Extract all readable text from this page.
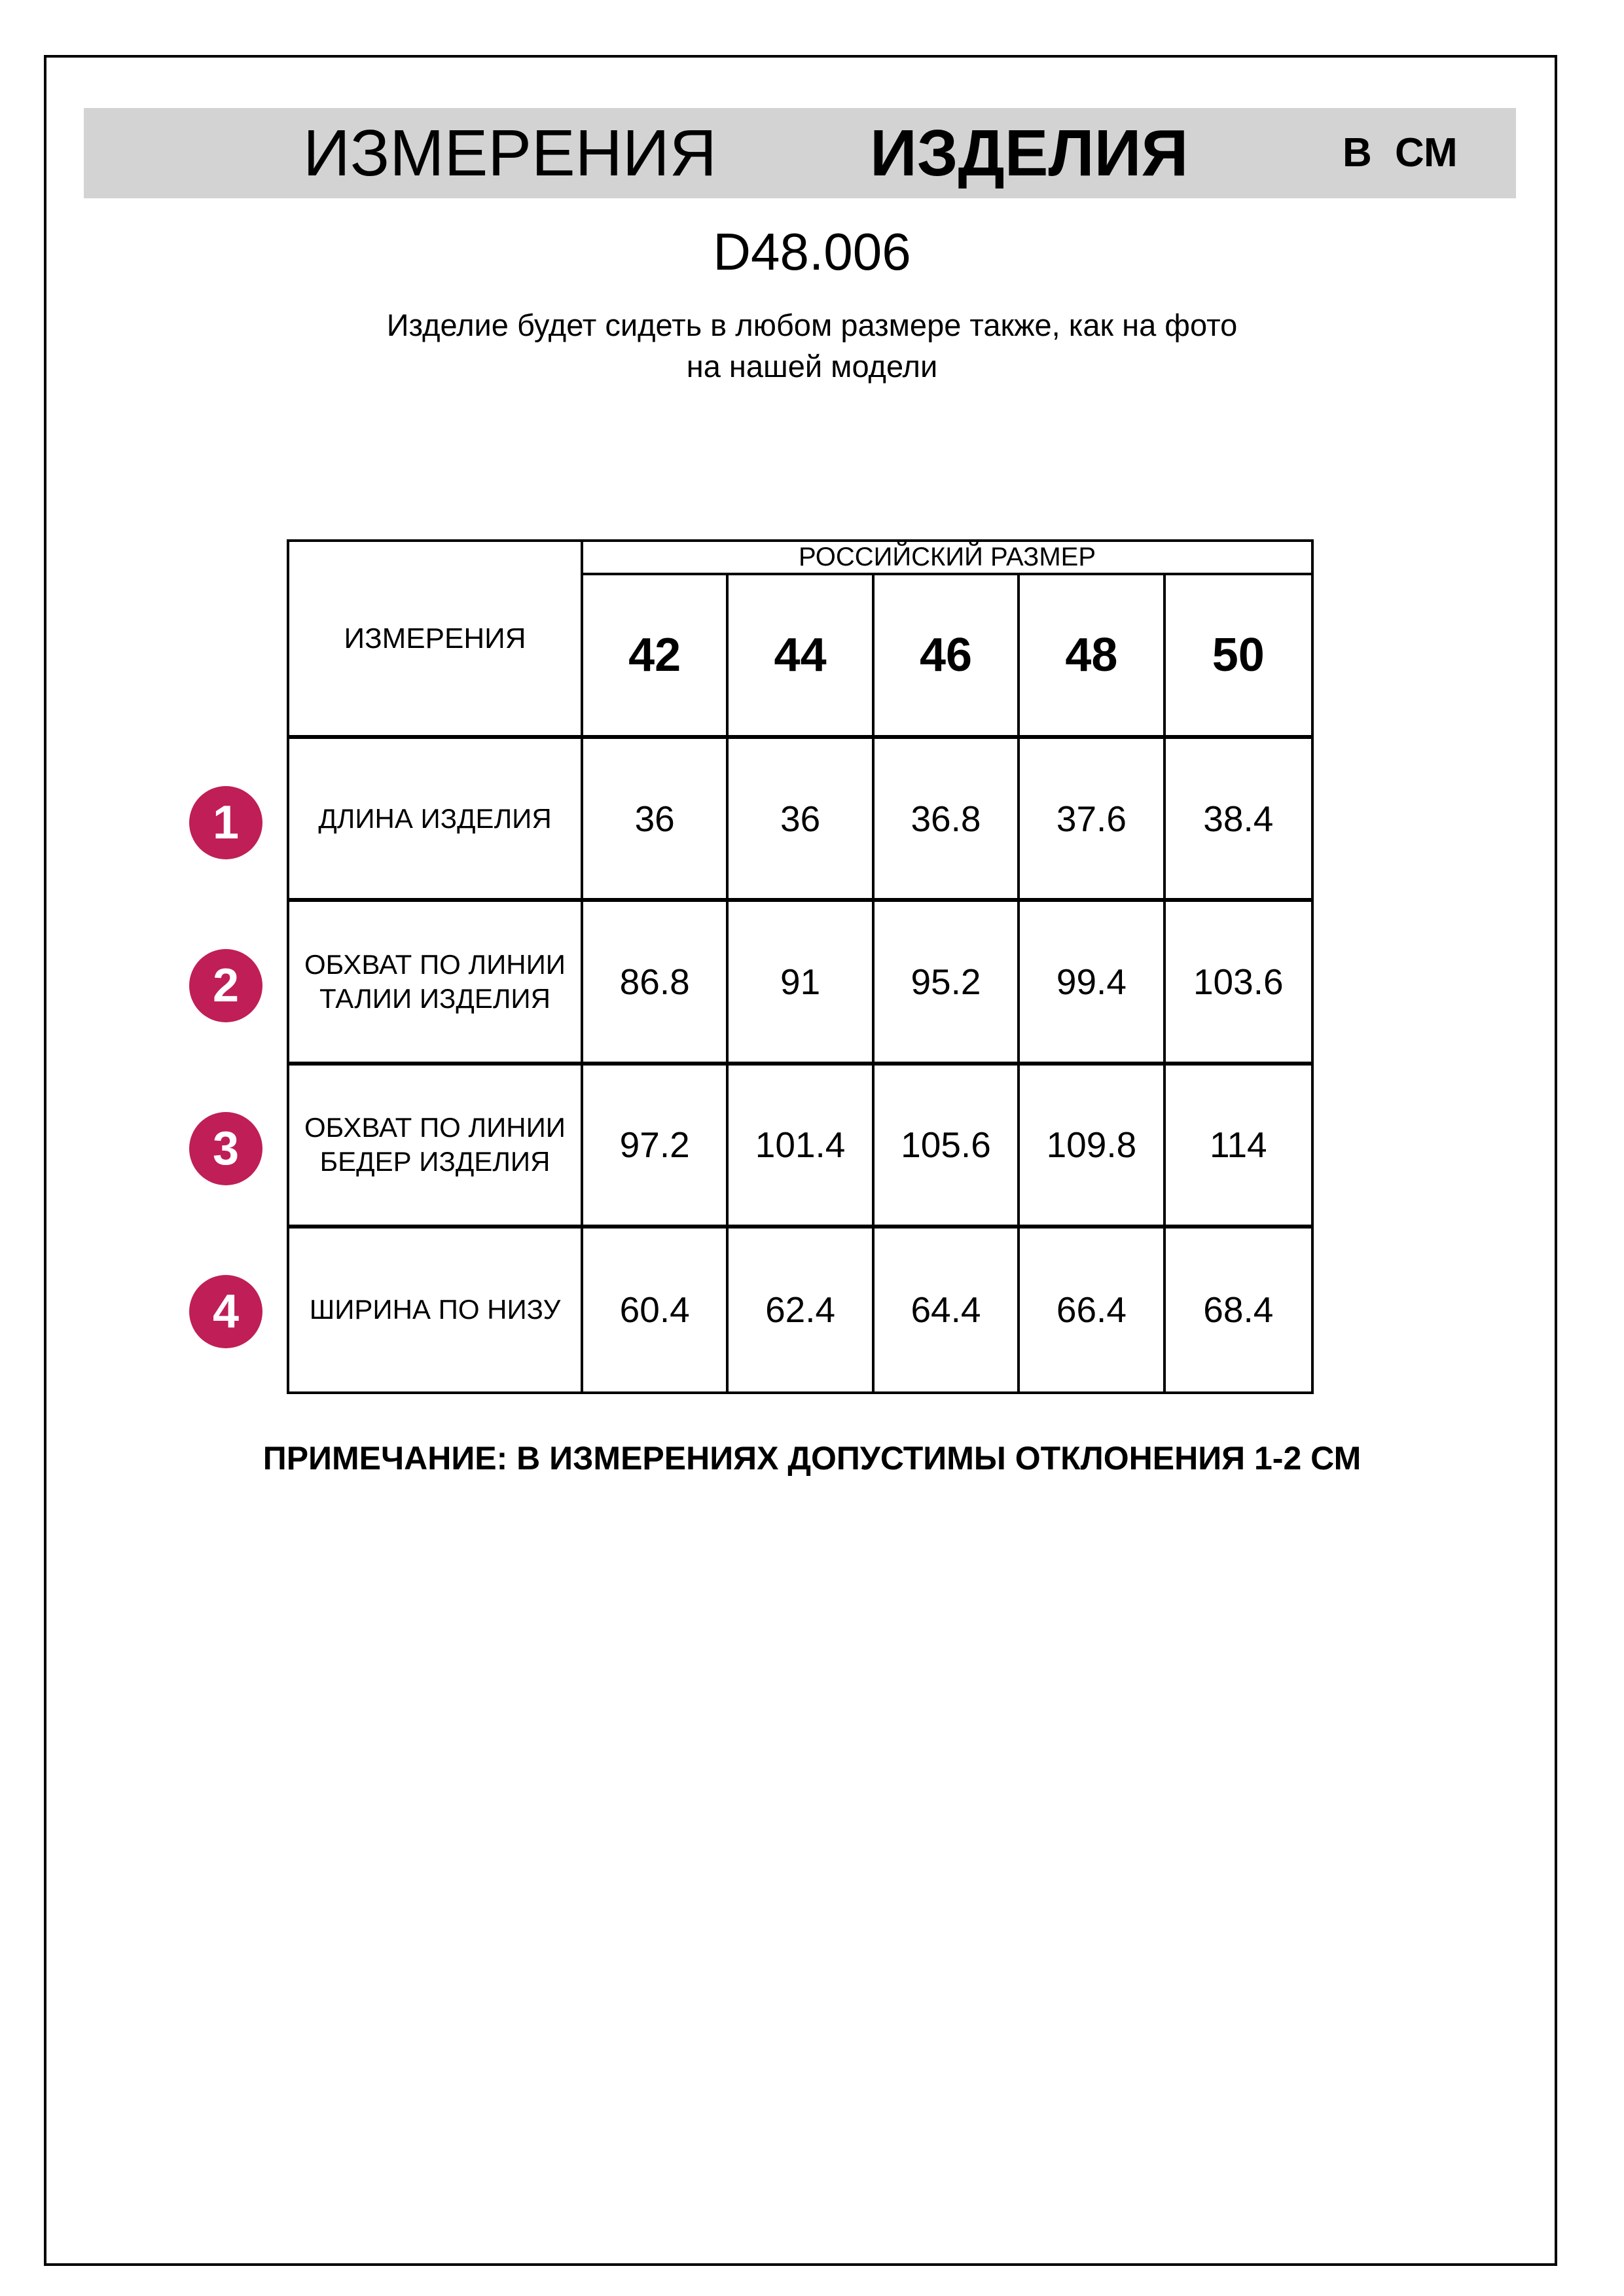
ИЗМЕРЕНИЯ ИЗДЕЛИЯ	В СМ
D48.006
Изделие будет сидеть в любом размере также, как на фото
на нашей модели
ИЗМЕРЕНИЯ
РОССИЙСКИЙ РАЗМЕР
42	44	46	48	50
ДЛИНА ИЗДЕЛИЯ	36	36	36.8	37.6	38.4
ОБХВАТ ПО ЛИНИИ
ТАЛИИ ИЗДЕЛИЯ	86.8	91	95.2	99.4	103.6
ОБХВАТ ПО ЛИНИИ
БЕДЕР ИЗДЕЛИЯ	97.2	101.4	105.6	109.8	114
ШИРИНА ПО НИЗУ	60.4	62.4	64.4	66.4	68.4
1
2
3
4
ПРИМЕЧАНИЕ: В ИЗМЕРЕНИЯХ ДОПУСТИМЫ ОТКЛОНЕНИЯ 1-2 СМ
